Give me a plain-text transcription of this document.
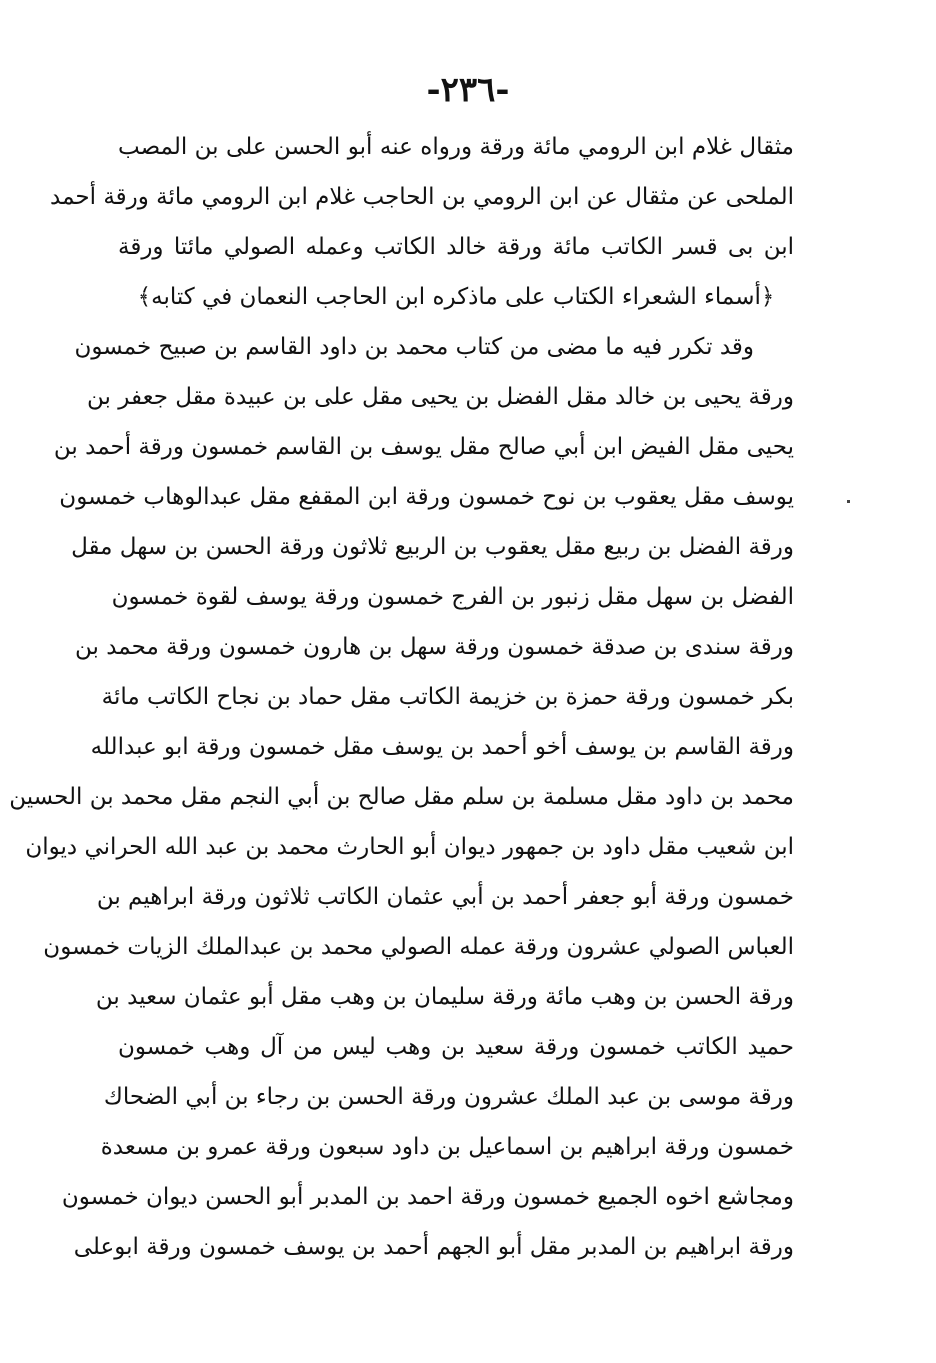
-٢٣٦-
مثقال غلام ابن الرومي مائة ورقة ورواه عنه أبو الحسن على بن المصب
الملحى عن مثقال عن ابن الرومي بن الحاجب غلام ابن الرومي مائة ورقة أحمد
ابن بى قسر الكاتب مائة ورقة خالد الكاتب وعمله الصولي مائتا ورقة
﴿أسماء الشعراء الكتاب على ماذكره ابن الحاجب النعمان في كتابه﴾
وقد تكرر فيه ما مضى من كتاب محمد بن داود القاسم بن صبيح خمسون
ورقة يحيى بن خالد مقل الفضل بن يحيى مقل على بن عبيدة مقل جعفر بن
يحيى مقل الفيض ابن أبي صالح مقل يوسف بن القاسم خمسون ورقة أحمد بن
يوسف مقل يعقوب بن نوح خمسون ورقة ابن المقفع مقل عبدالوهاب خمسون
ورقة الفضل بن ربيع مقل يعقوب بن الربيع ثلاثون ورقة الحسن بن سهل مقل
الفضل بن سهل مقل زنبور بن الفرج خمسون ورقة يوسف لقوة خمسون
ورقة سندى بن صدقة خمسون ورقة سهل بن هارون خمسون ورقة محمد بن
بكر خمسون ورقة حمزة بن خزيمة الكاتب مقل حماد بن نجاح الكاتب مائة
ورقة القاسم بن يوسف أخو أحمد بن يوسف مقل خمسون ورقة ابو عبدالله
محمد بن داود مقل مسلمة بن سلم مقل صالح بن أبي النجم مقل محمد بن الحسين
ابن شعيب مقل داود بن جمهور ديوان أبو الحارث محمد بن عبد الله الحراني ديوان
خمسون ورقة أبو جعفر أحمد بن أبي عثمان الكاتب ثلاثون ورقة ابراهيم بن
العباس الصولي عشرون ورقة عمله الصولي محمد بن عبدالملك الزيات خمسون
ورقة الحسن بن وهب مائة ورقة سليمان بن وهب مقل أبو عثمان سعيد بن
حميد الكاتب خمسون ورقة سعيد بن وهب ليس من آل وهب خمسون
ورقة موسى بن عبد الملك عشرون ورقة الحسن بن رجاء بن أبي الضحاك
خمسون ورقة ابراهيم بن اسماعيل بن داود سبعون ورقة عمرو بن مسعدة
ومجاشع اخوه الجميع خمسون ورقة احمد بن المدبر أبو الحسن ديوان خمسون
ورقة ابراهيم بن المدبر مقل أبو الجهم أحمد بن يوسف خمسون ورقة ابوعلى
